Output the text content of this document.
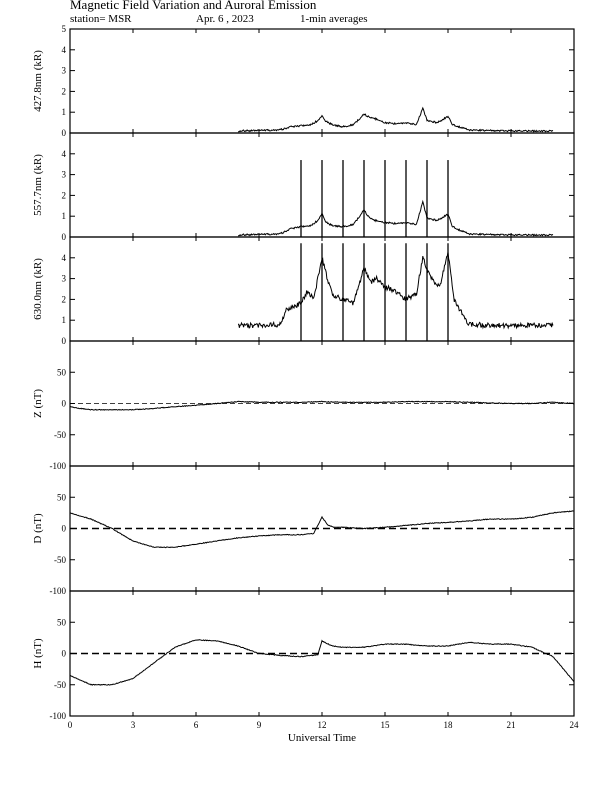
Magnetic Field Variation and Auroral Emission
station= MSR	Apr. 6 , 2023	1-min averages
0
1
2
3
4
5
427.8nm (kR)
0
1
2
3
4
557.7nm (kR)
0
1
2
3
4
630.0nm (kR)
-100
-50
0
50
Z (nT)
-100
-50
0
50
D (nT)
-100
-50
0
50
H (nT)
0	3	6	9	12	15	18	21	24
Universal Time
